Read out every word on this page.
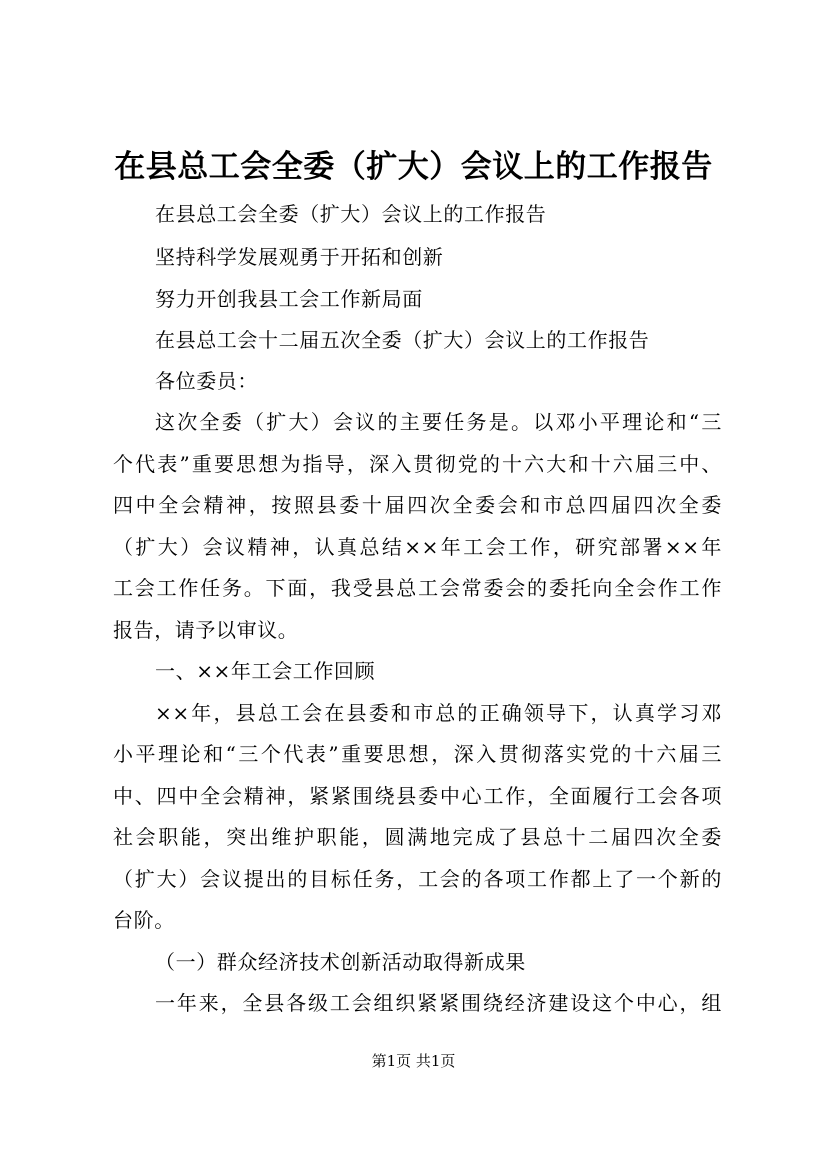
在县总工会全委（扩大）会议上的工作报告
在县总工会全委（扩大）会议上的工作报告
坚持科学发展观勇于开拓和创新
努力开创我县工会工作新局面
在县总工会十二届五次全委（扩大）会议上的工作报告
各位委员：
这次全委（扩大）会议的主要任务是。以邓小平理论和“三
个代表”重要思想为指导，深入贯彻党的十六大和十六届三中、
四中全会精神，按照县委十届四次全委会和市总四届四次全委
（扩大）会议精神，认真总结××年工会工作，研究部署××年
工会工作任务。下面，我受县总工会常委会的委托向全会作工作
报告，请予以审议。
一、××年工会工作回顾
××年，县总工会在县委和市总的正确领导下，认真学习邓
小平理论和“三个代表”重要思想，深入贯彻落实党的十六届三
中、四中全会精神，紧紧围绕县委中心工作，全面履行工会各项
社会职能，突出维护职能，圆满地完成了县总十二届四次全委
（扩大）会议提出的目标任务，工会的各项工作都上了一个新的
台阶。
（一）群众经济技术创新活动取得新成果
一年来，全县各级工会组织紧紧围绕经济建设这个中心，组
第1页 共1页
